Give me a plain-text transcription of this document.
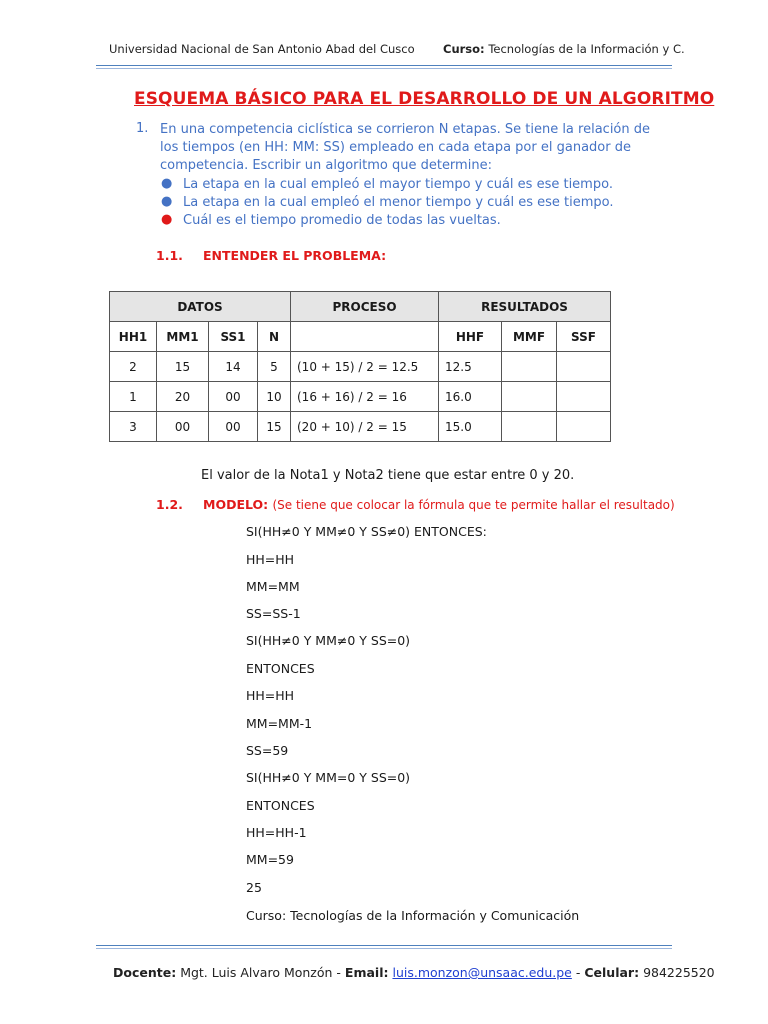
Universidad Nacional de San Antonio Abad del Cusco Curso: Tecnologías de la Información y C.
ESQUEMA BÁSICO PARA EL DESARROLLO DE UN ALGORITMO
1. En una competencia ciclística se corrieron N etapas. Se tiene la relación de los tiempos (en HH: MM: SS) empleado en cada etapa por el ganador de competencia. Escribir un algoritmo que determine:
● La etapa en la cual empleó el mayor tiempo y cuál es ese tiempo.
● La etapa en la cual empleó el menor tiempo y cuál es ese tiempo.
● Cuál es el tiempo promedio de todas las vueltas.
1.1. ENTENDER EL PROBLEMA:
DATOS				PROCESO	RESULTADOS		
HH1	MM1	SS1	N		HHF	MMF	SSF
2	15	14	5	(10 + 15) / 2 = 12.5	12.5		
1	20	00	10	(16 + 16) / 2 = 16	16.0		
3	00	00	15	(20 + 10) / 2 = 15	15.0		
El valor de la Nota1 y Nota2 tiene que estar entre 0 y 20.
1.2. MODELO: (Se tiene que colocar la fórmula que te permite hallar el resultado)
SI(HH≠0 Y MM≠0 Y SS≠0) ENTONCES:
HH=HH
MM=MM
SS=SS-1
SI(HH≠0 Y MM≠0 Y SS=0)
ENTONCES
HH=HH
MM=MM-1
SS=59
SI(HH≠0 Y MM=0 Y SS=0)
ENTONCES
HH=HH-1
MM=59
25
Curso: Tecnologías de la Información y Comunicación
Docente: Mgt. Luis Alvaro Monzón - Email: luis.monzon@unsaac.edu.pe - Celular: 984225520
